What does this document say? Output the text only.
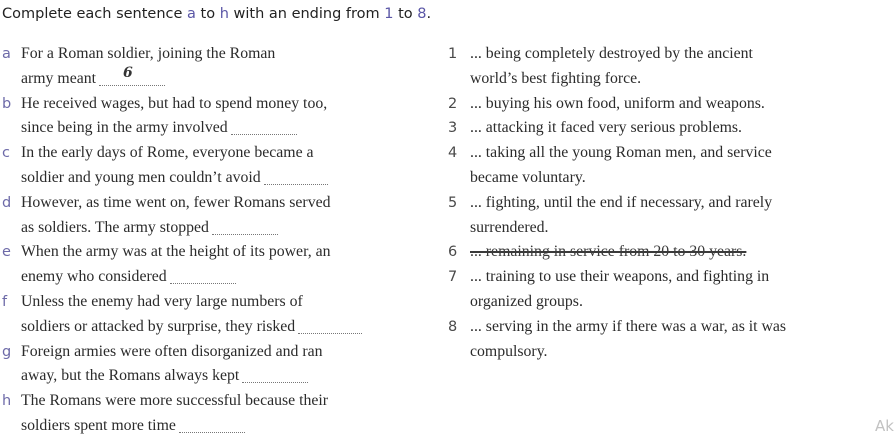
Complete each sentence a to h with an ending from 1 to 8.
a For a Roman soldier, joining the Roman
army meant 6
b He received wages, but had to spend money too,
since being in the army involved
c In the early days of Rome, everyone became a
soldier and young men couldn’t avoid
d However, as time went on, fewer Romans served
as soldiers. The army stopped
e When the army was at the height of its power, an
enemy who considered
f Unless the enemy had very large numbers of
soldiers or attacked by surprise, they risked
g Foreign armies were often disorganized and ran
away, but the Romans always kept
h The Romans were more successful because their
soldiers spent more time
1 ... being completely destroyed by the ancient
world’s best fighting force.
2 ... buying his own food, uniform and weapons.
3 ... attacking it faced very serious problems.
4 ... taking all the young Roman men, and service
became voluntary.
5 ... fighting, until the end if necessary, and rarely
surrendered.
6 ... remaining in service from 20 to 30 years.
7 ... training to use their weapons, and fighting in
organized groups.
8 ... serving in the army if there was a war, as it was
compulsory.
Ak
